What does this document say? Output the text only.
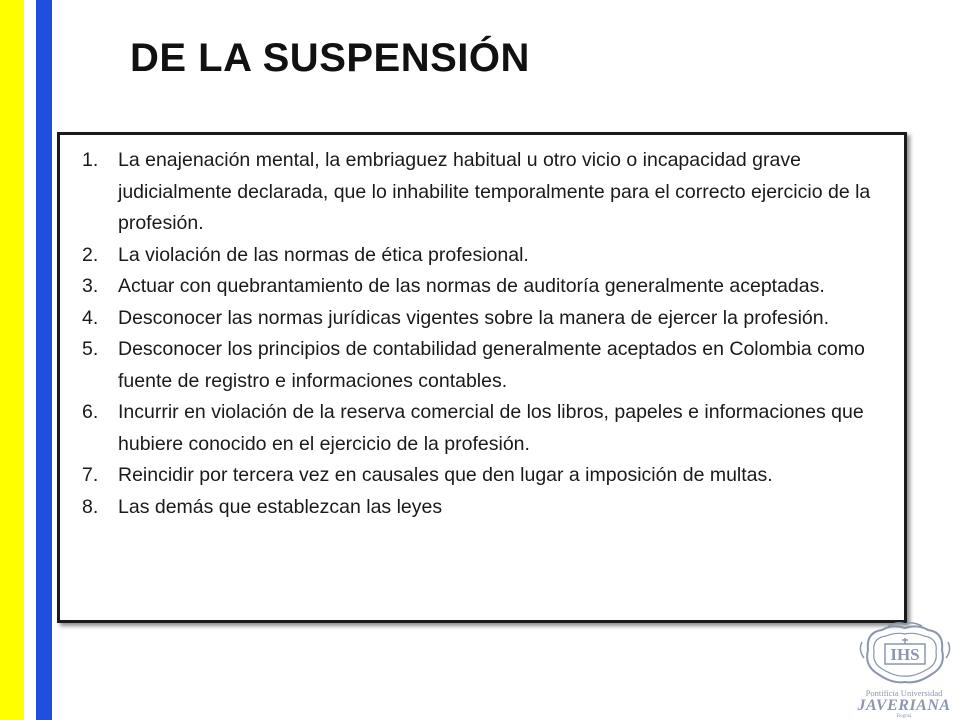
DE LA SUSPENSIÓN
1.	La enajenación mental, la embriaguez habitual u otro vicio o incapacidad grave judicialmente declarada, que lo inhabilite temporalmente para el correcto ejercicio de la profesión.
2.	La violación de las normas de ética profesional.
3.	Actuar con quebrantamiento de las normas de auditoría generalmente aceptadas.
4.	Desconocer las normas jurídicas vigentes sobre la manera de ejercer la profesión.
5.	Desconocer los principios de contabilidad generalmente aceptados en Colombia como fuente de registro e informaciones contables.
6.	Incurrir en violación de la reserva comercial de los libros, papeles e informaciones que hubiere conocido en el ejercicio de la profesión.
7.	Reincidir por tercera vez en causales que den lugar a imposición de multas.
8.	Las demás que establezcan las leyes
IHS
Pontificia Universidad
JAVERIANA
Bogotá
